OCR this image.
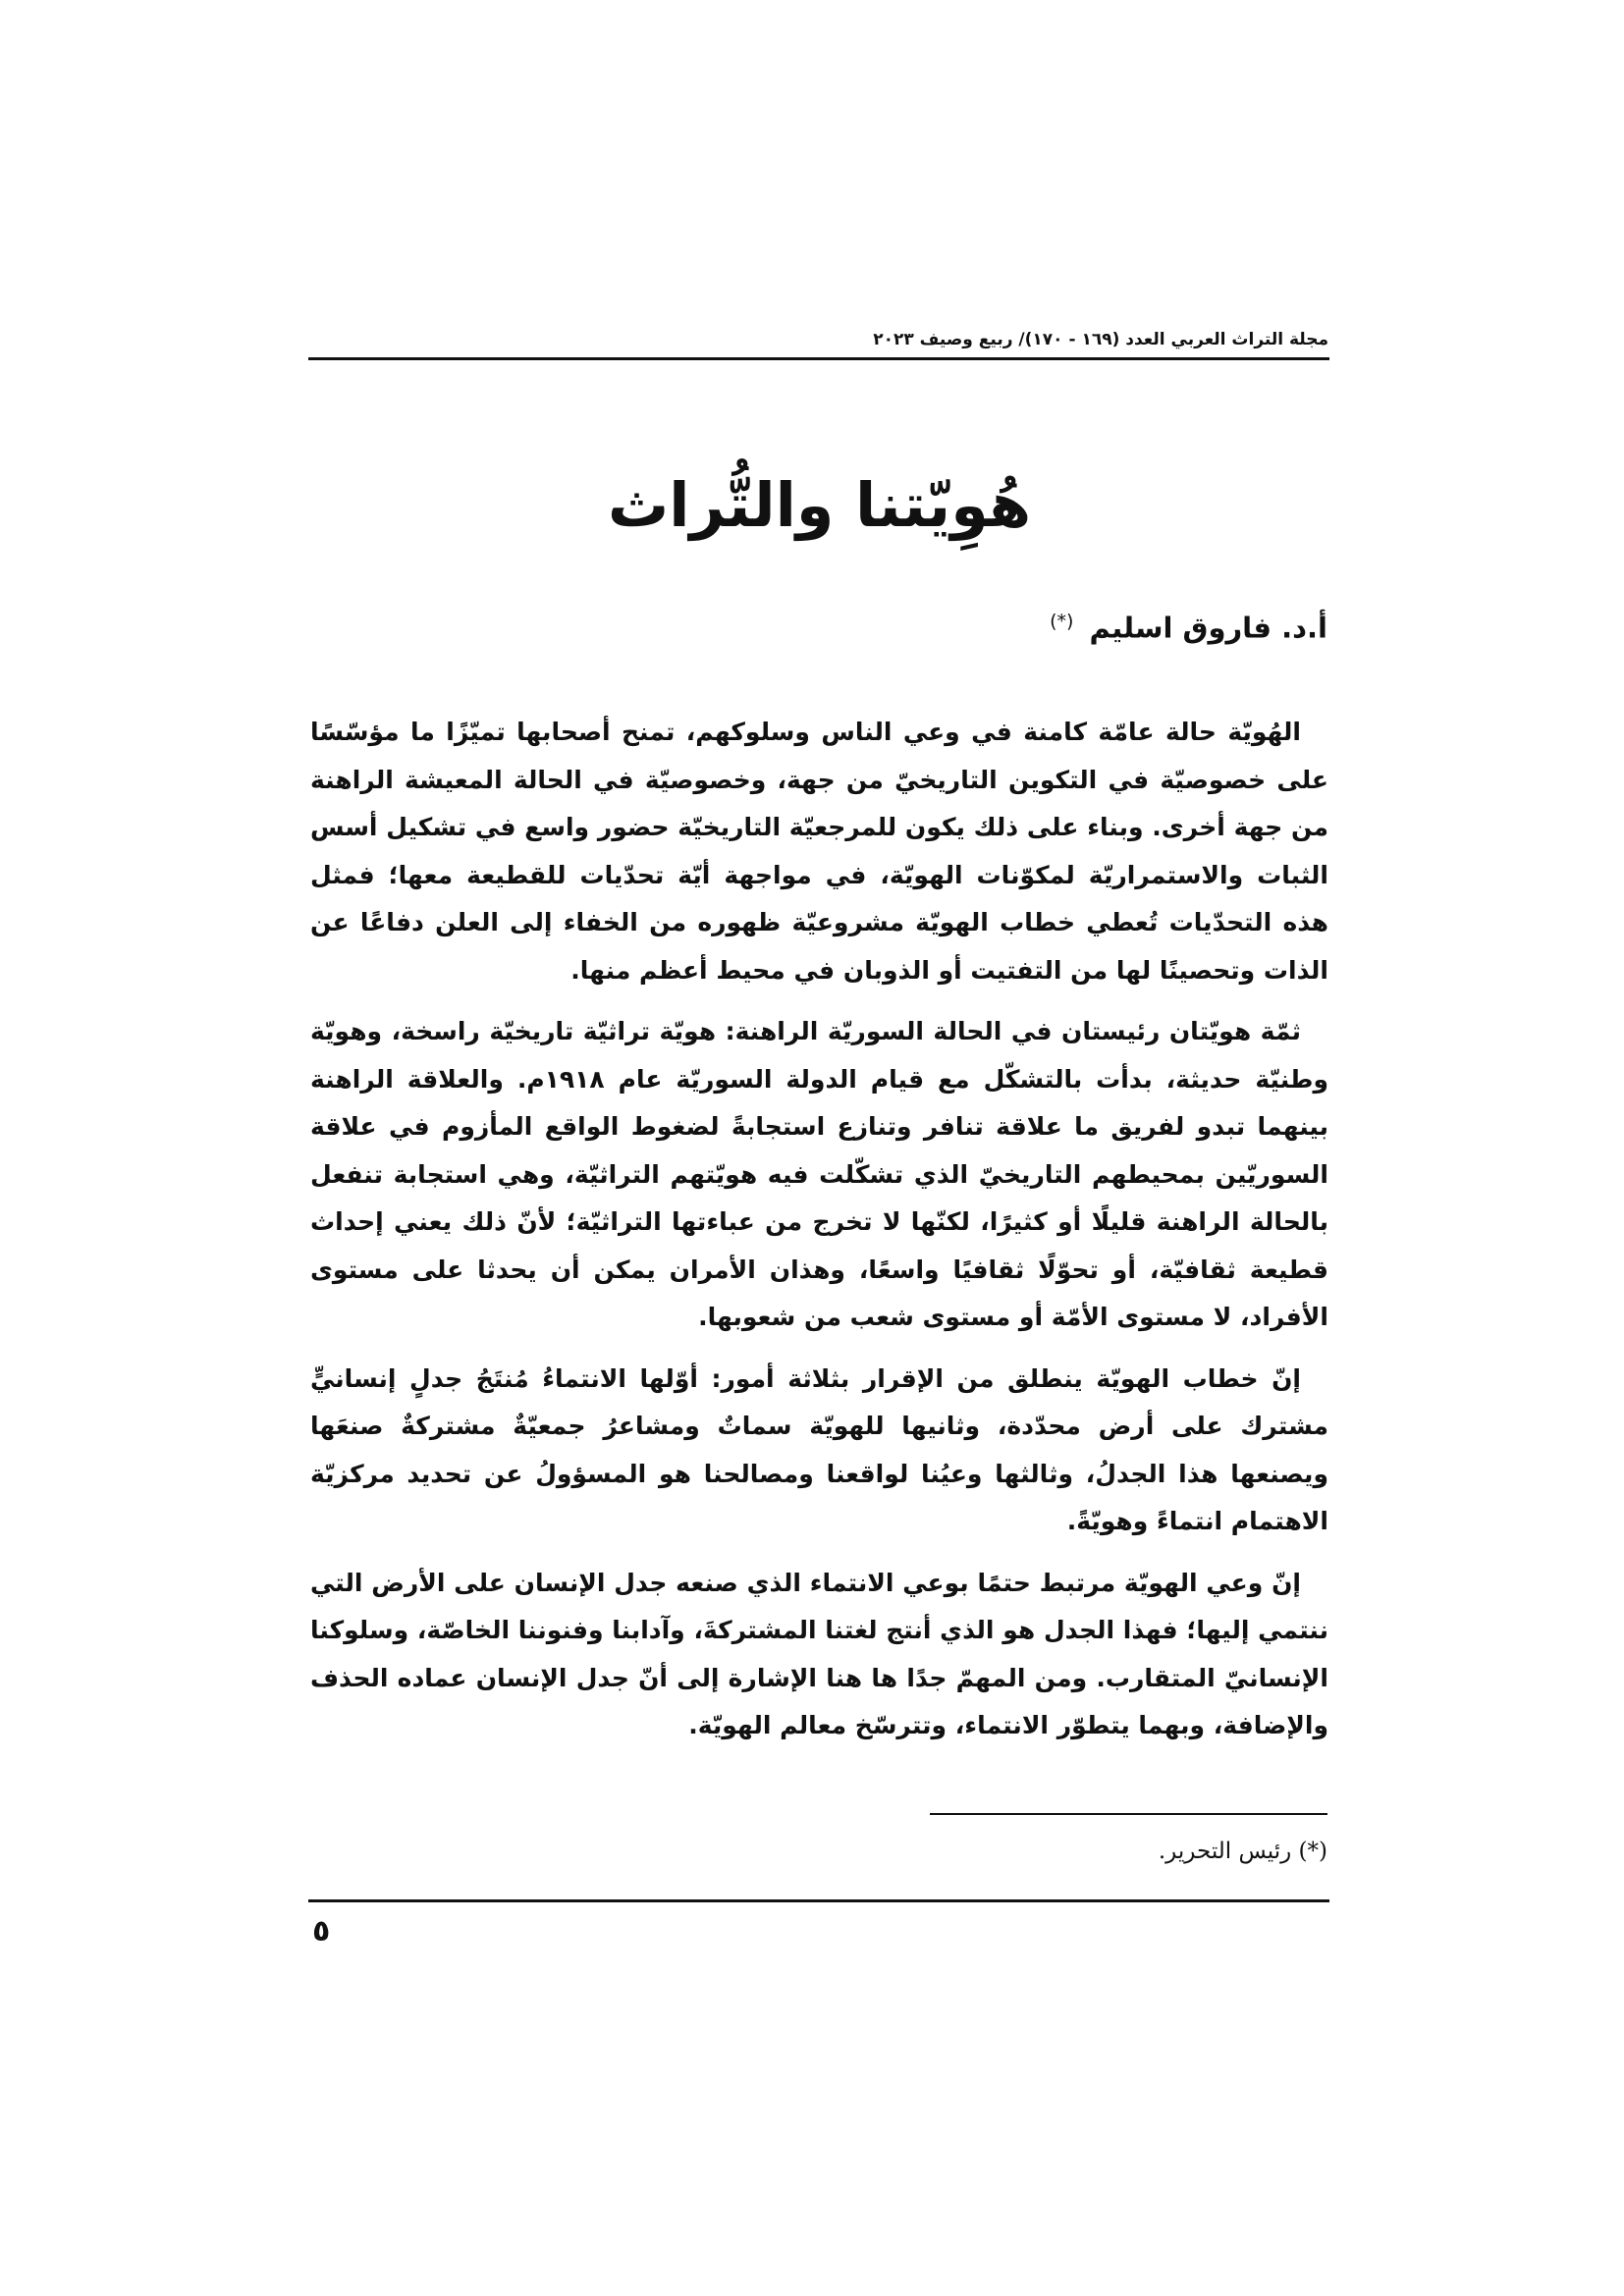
مجلة التراث العربي العدد (١٦٩ - ١٧٠)/ ربيع وصيف ٢٠٢٣
هُوِيّتنا والتُّراث
أ.د. فاروق اسليم (*)

الهُويّة حالة عامّة كامنة في وعي الناس وسلوكهم، تمنح أصحابها تميّزًا ما مؤسّسًا على خصوصيّة في التكوين التاريخيّ من جهة، وخصوصيّة في الحالة المعيشة الراهنة من جهة أخرى. وبناء على ذلك يكون للمرجعيّة التاريخيّة حضور واسع في تشكيل أسس الثبات والاستمراريّة لمكوّنات الهويّة، في مواجهة أيّة تحدّيات للقطيعة معها؛ فمثل هذه التحدّيات تُعطي خطاب الهويّة مشروعيّة ظهوره من الخفاء إلى العلن دفاعًا عن الذات وتحصينًا لها من التفتيت أو الذوبان في محيط أعظم منها.

ثمّة هويّتان رئيستان في الحالة السوريّة الراهنة: هويّة تراثيّة تاريخيّة راسخة، وهويّة وطنيّة حديثة، بدأت بالتشكّل مع قيام الدولة السوريّة عام ١٩١٨م. والعلاقة الراهنة بينهما تبدو لفريق ما علاقة تنافر وتنازع استجابةً لضغوط الواقع المأزوم في علاقة السوريّين بمحيطهم التاريخيّ الذي تشكّلت فيه هويّتهم التراثيّة، وهي استجابة تنفعل بالحالة الراهنة قليلًا أو كثيرًا، لكنّها لا تخرج من عباءتها التراثيّة؛ لأنّ ذلك يعني إحداث قطيعة ثقافيّة، أو تحوّلًا ثقافيًا واسعًا، وهذان الأمران يمكن أن يحدثا على مستوى الأفراد، لا مستوى الأمّة أو مستوى شعب من شعوبها.

إنّ خطاب الهويّة ينطلق من الإقرار بثلاثة أمور: أوّلها الانتماءُ مُنتَجُ جدلٍ إنسانيٍّ مشترك على أرض محدّدة، وثانيها للهويّة سماتٌ ومشاعرُ جمعيّةٌ مشتركةٌ صنعَها ويصنعها هذا الجدلُ، وثالثها وعيُنا لواقعنا ومصالحنا هو المسؤولُ عن تحديد مركزيّة الاهتمام انتماءً وهويّةً.

إنّ وعي الهويّة مرتبط حتمًا بوعي الانتماء الذي صنعه جدل الإنسان على الأرض التي ننتمي إليها؛ فهذا الجدل هو الذي أنتج لغتنا المشتركةَ، وآدابنا وفنوننا الخاصّة، وسلوكنا الإنسانيّ المتقارب. ومن المهمّ جدًا ها هنا الإشارة إلى أنّ جدل الإنسان عماده الحذف والإضافة، وبهما يتطوّر الانتماء، وتترسّخ معالم الهويّة.

(*) رئيس التحرير.
٥
